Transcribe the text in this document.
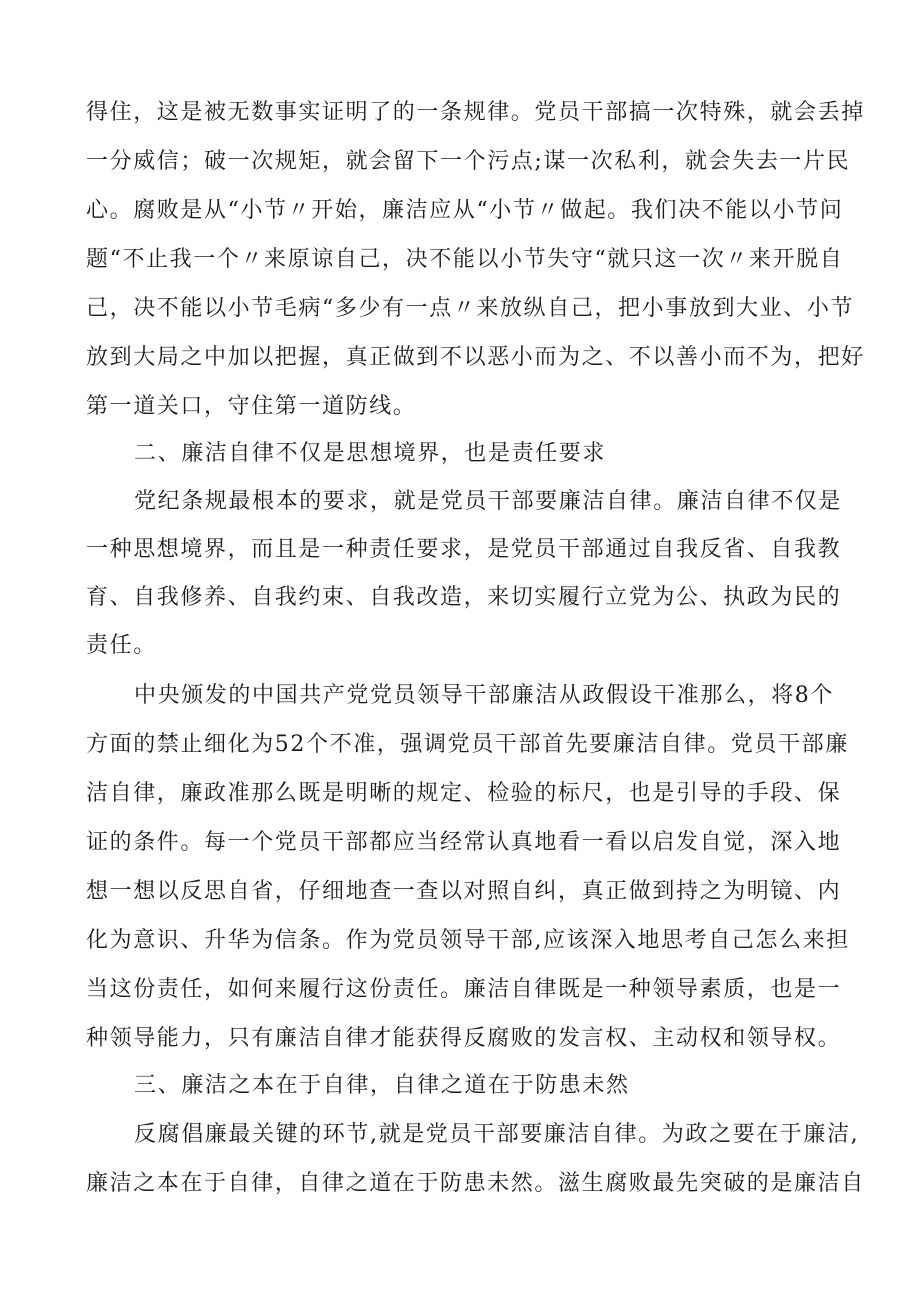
得住，这是被无数事实证明了的一条规律。党员干部搞一次特殊，就会丢掉
一分威信；破一次规矩，就会留下一个污点;谋一次私利，就会失去一片民
心。腐败是从“小节〃开始，廉洁应从“小节〃做起。我们决不能以小节问
题“不止我一个〃来原谅自己，决不能以小节失守“就只这一次〃来开脱自
己，决不能以小节毛病“多少有一点〃来放纵自己，把小事放到大业、小节
放到大局之中加以把握，真正做到不以恶小而为之、不以善小而不为，把好
第一道关口，守住第一道防线。
二、廉洁自律不仅是思想境界，也是责任要求
党纪条规最根本的要求，就是党员干部要廉洁自律。廉洁自律不仅是
一种思想境界，而且是一种责任要求，是党员干部通过自我反省、自我教
育、自我修养、自我约束、自我改造，来切实履行立党为公、执政为民的
责任。
中央颁发的中国共产党党员领导干部廉洁从政假设干准那么，将8个
方面的禁止细化为52个不准，强调党员干部首先要廉洁自律。党员干部廉
洁自律，廉政准那么既是明晰的规定、检验的标尺，也是引导的手段、保
证的条件。每一个党员干部都应当经常认真地看一看以启发自觉，深入地
想一想以反思自省，仔细地查一查以对照自纠，真正做到持之为明镜、内
化为意识、升华为信条。作为党员领导干部,应该深入地思考自己怎么来担
当这份责任，如何来履行这份责任。廉洁自律既是一种领导素质，也是一
种领导能力，只有廉洁自律才能获得反腐败的发言权、主动权和领导权。
三、廉洁之本在于自律，自律之道在于防患未然
反腐倡廉最关键的环节,就是党员干部要廉洁自律。为政之要在于廉洁,
廉洁之本在于自律，自律之道在于防患未然。滋生腐败最先突破的是廉洁自
